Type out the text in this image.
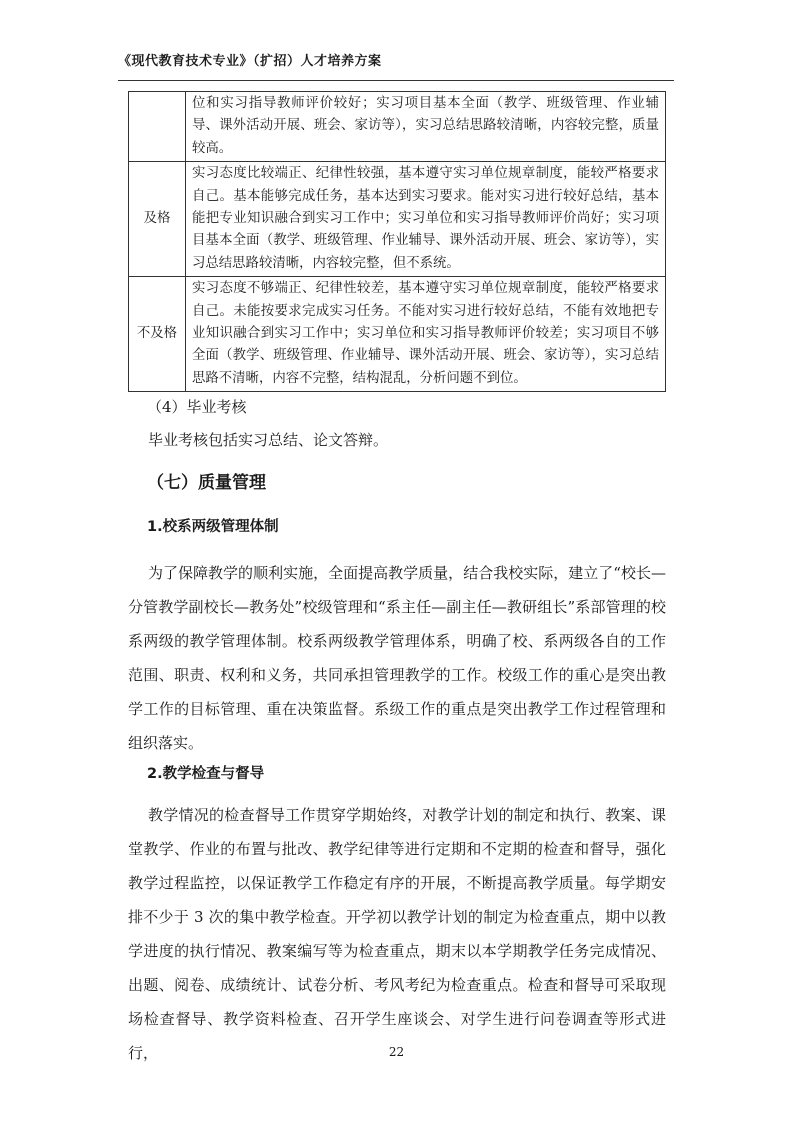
《现代教育技术专业》（扩招）人才培养方案
	位和实习指导教师评价较好；实习项目基本全面（教学、班级管理、作业辅导、课外活动开展、班会、家访等），实习总结思路较清晰，内容较完整，质量较高。
及格	实习态度比较端正、纪律性较强，基本遵守实习单位规章制度，能较严格要求自己。基本能够完成任务，基本达到实习要求。能对实习进行较好总结，基本能把专业知识融合到实习工作中；实习单位和实习指导教师评价尚好；实习项目基本全面（教学、班级管理、作业辅导、课外活动开展、班会、家访等），实习总结思路较清晰，内容较完整，但不系统。
不及格	实习态度不够端正、纪律性较差，基本遵守实习单位规章制度，能较严格要求自己。未能按要求完成实习任务。不能对实习进行较好总结，不能有效地把专业知识融合到实习工作中；实习单位和实习指导教师评价较差；实习项目不够全面（教学、班级管理、作业辅导、课外活动开展、班会、家访等），实习总结思路不清晰，内容不完整，结构混乱，分析问题不到位。
（4）毕业考核
毕业考核包括实习总结、论文答辩。
（七）质量管理
1.校系两级管理体制
为了保障教学的顺利实施，全面提高教学质量，结合我校实际，建立了“校长—分管教学副校长—教务处”校级管理和“系主任—副主任—教研组长”系部管理的校系两级的教学管理体制。校系两级教学管理体系，明确了校、系两级各自的工作范围、职责、权利和义务，共同承担管理教学的工作。校级工作的重心是突出教学工作的目标管理、重在决策监督。系级工作的重点是突出教学工作过程管理和组织落实。
2.教学检查与督导
教学情况的检查督导工作贯穿学期始终，对教学计划的制定和执行、教案、课堂教学、作业的布置与批改、教学纪律等进行定期和不定期的检查和督导，强化教学过程监控，以保证教学工作稳定有序的开展，不断提高教学质量。每学期安排不少于 3 次的集中教学检查。开学初以教学计划的制定为检查重点，期中以教学进度的执行情况、教案编写等为检查重点，期末以本学期教学任务完成情况、出题、阅卷、成绩统计、试卷分析、考风考纪为检查重点。检查和督导可采取现场检查督导、教学资料检查、召开学生座谈会、对学生进行问卷调查等形式进行，	22
